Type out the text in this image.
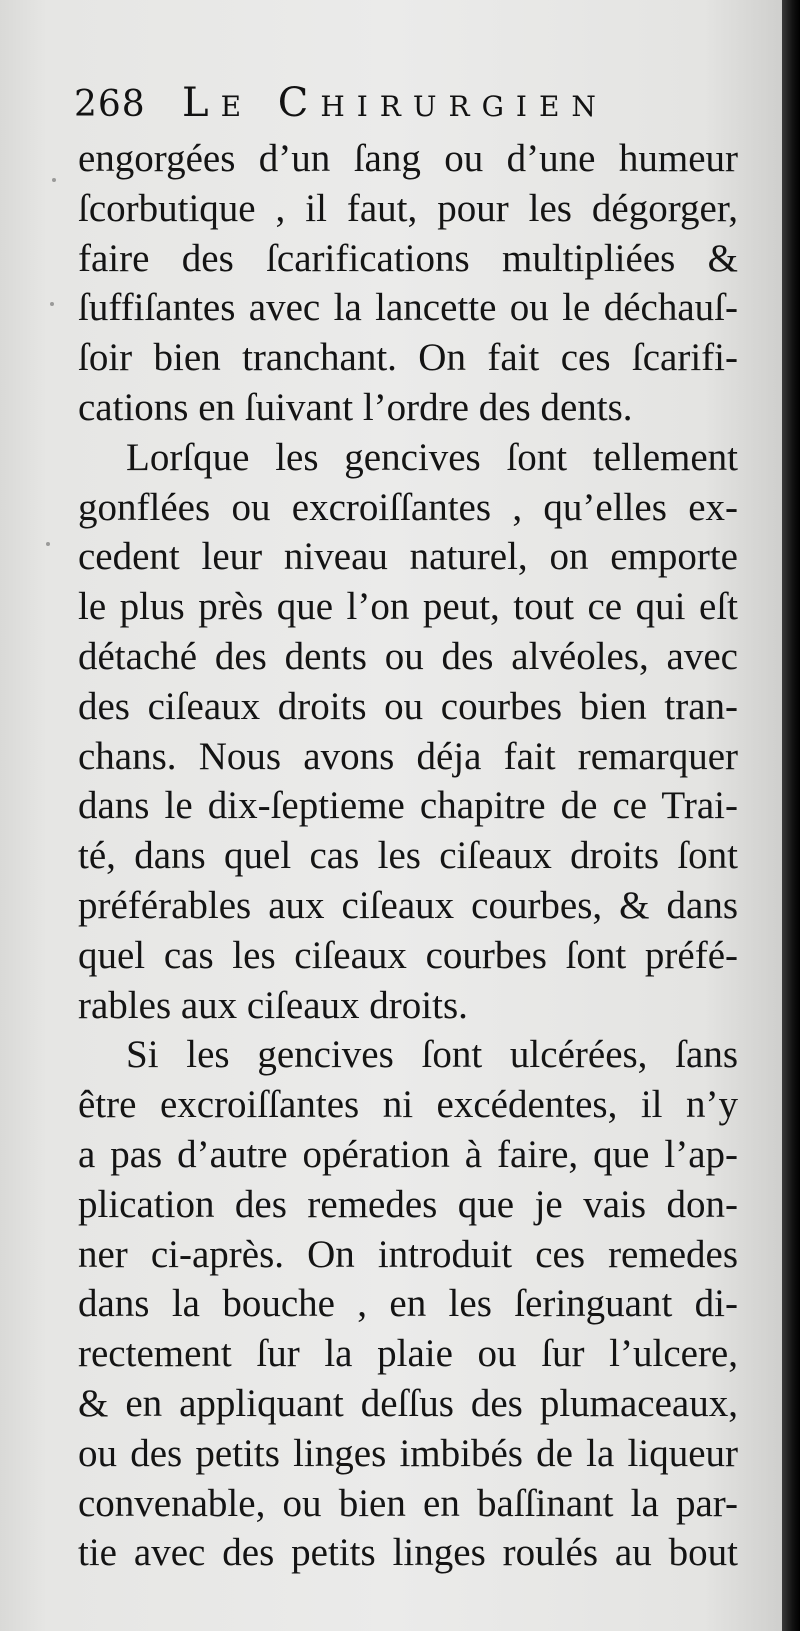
268 Le Chirurgien
engorgées d’un ſang ou d’une humeur
ſcorbutique , il faut, pour les dégorger,
faire des ſcarifications multipliées &
ſuffiſantes avec la lancette ou le déchauſ-
ſoir bien tranchant. On fait ces ſcarifi-
cations en ſuivant l’ordre des dents.
Lorſque les gencives ſont tellement
gonflées ou excroiſſantes , qu’elles ex-
cedent leur niveau naturel, on emporte
le plus près que l’on peut, tout ce qui eſt
détaché des dents ou des alvéoles, avec
des ciſeaux droits ou courbes bien tran-
chans. Nous avons déja fait remarquer
dans le dix-ſeptieme chapitre de ce Trai-
té, dans quel cas les ciſeaux droits ſont
préférables aux ciſeaux courbes, & dans
quel cas les ciſeaux courbes ſont préfé-
rables aux ciſeaux droits.
Si les gencives ſont ulcérées, ſans
être excroiſſantes ni excédentes, il n’y
a pas d’autre opération à faire, que l’ap-
plication des remedes que je vais don-
ner ci-après. On introduit ces remedes
dans la bouche , en les ſeringuant di-
rectement ſur la plaie ou ſur l’ulcere,
& en appliquant deſſus des plumaceaux,
ou des petits linges imbibés de la liqueur
convenable, ou bien en baſſinant la par-
tie avec des petits linges roulés au bout
